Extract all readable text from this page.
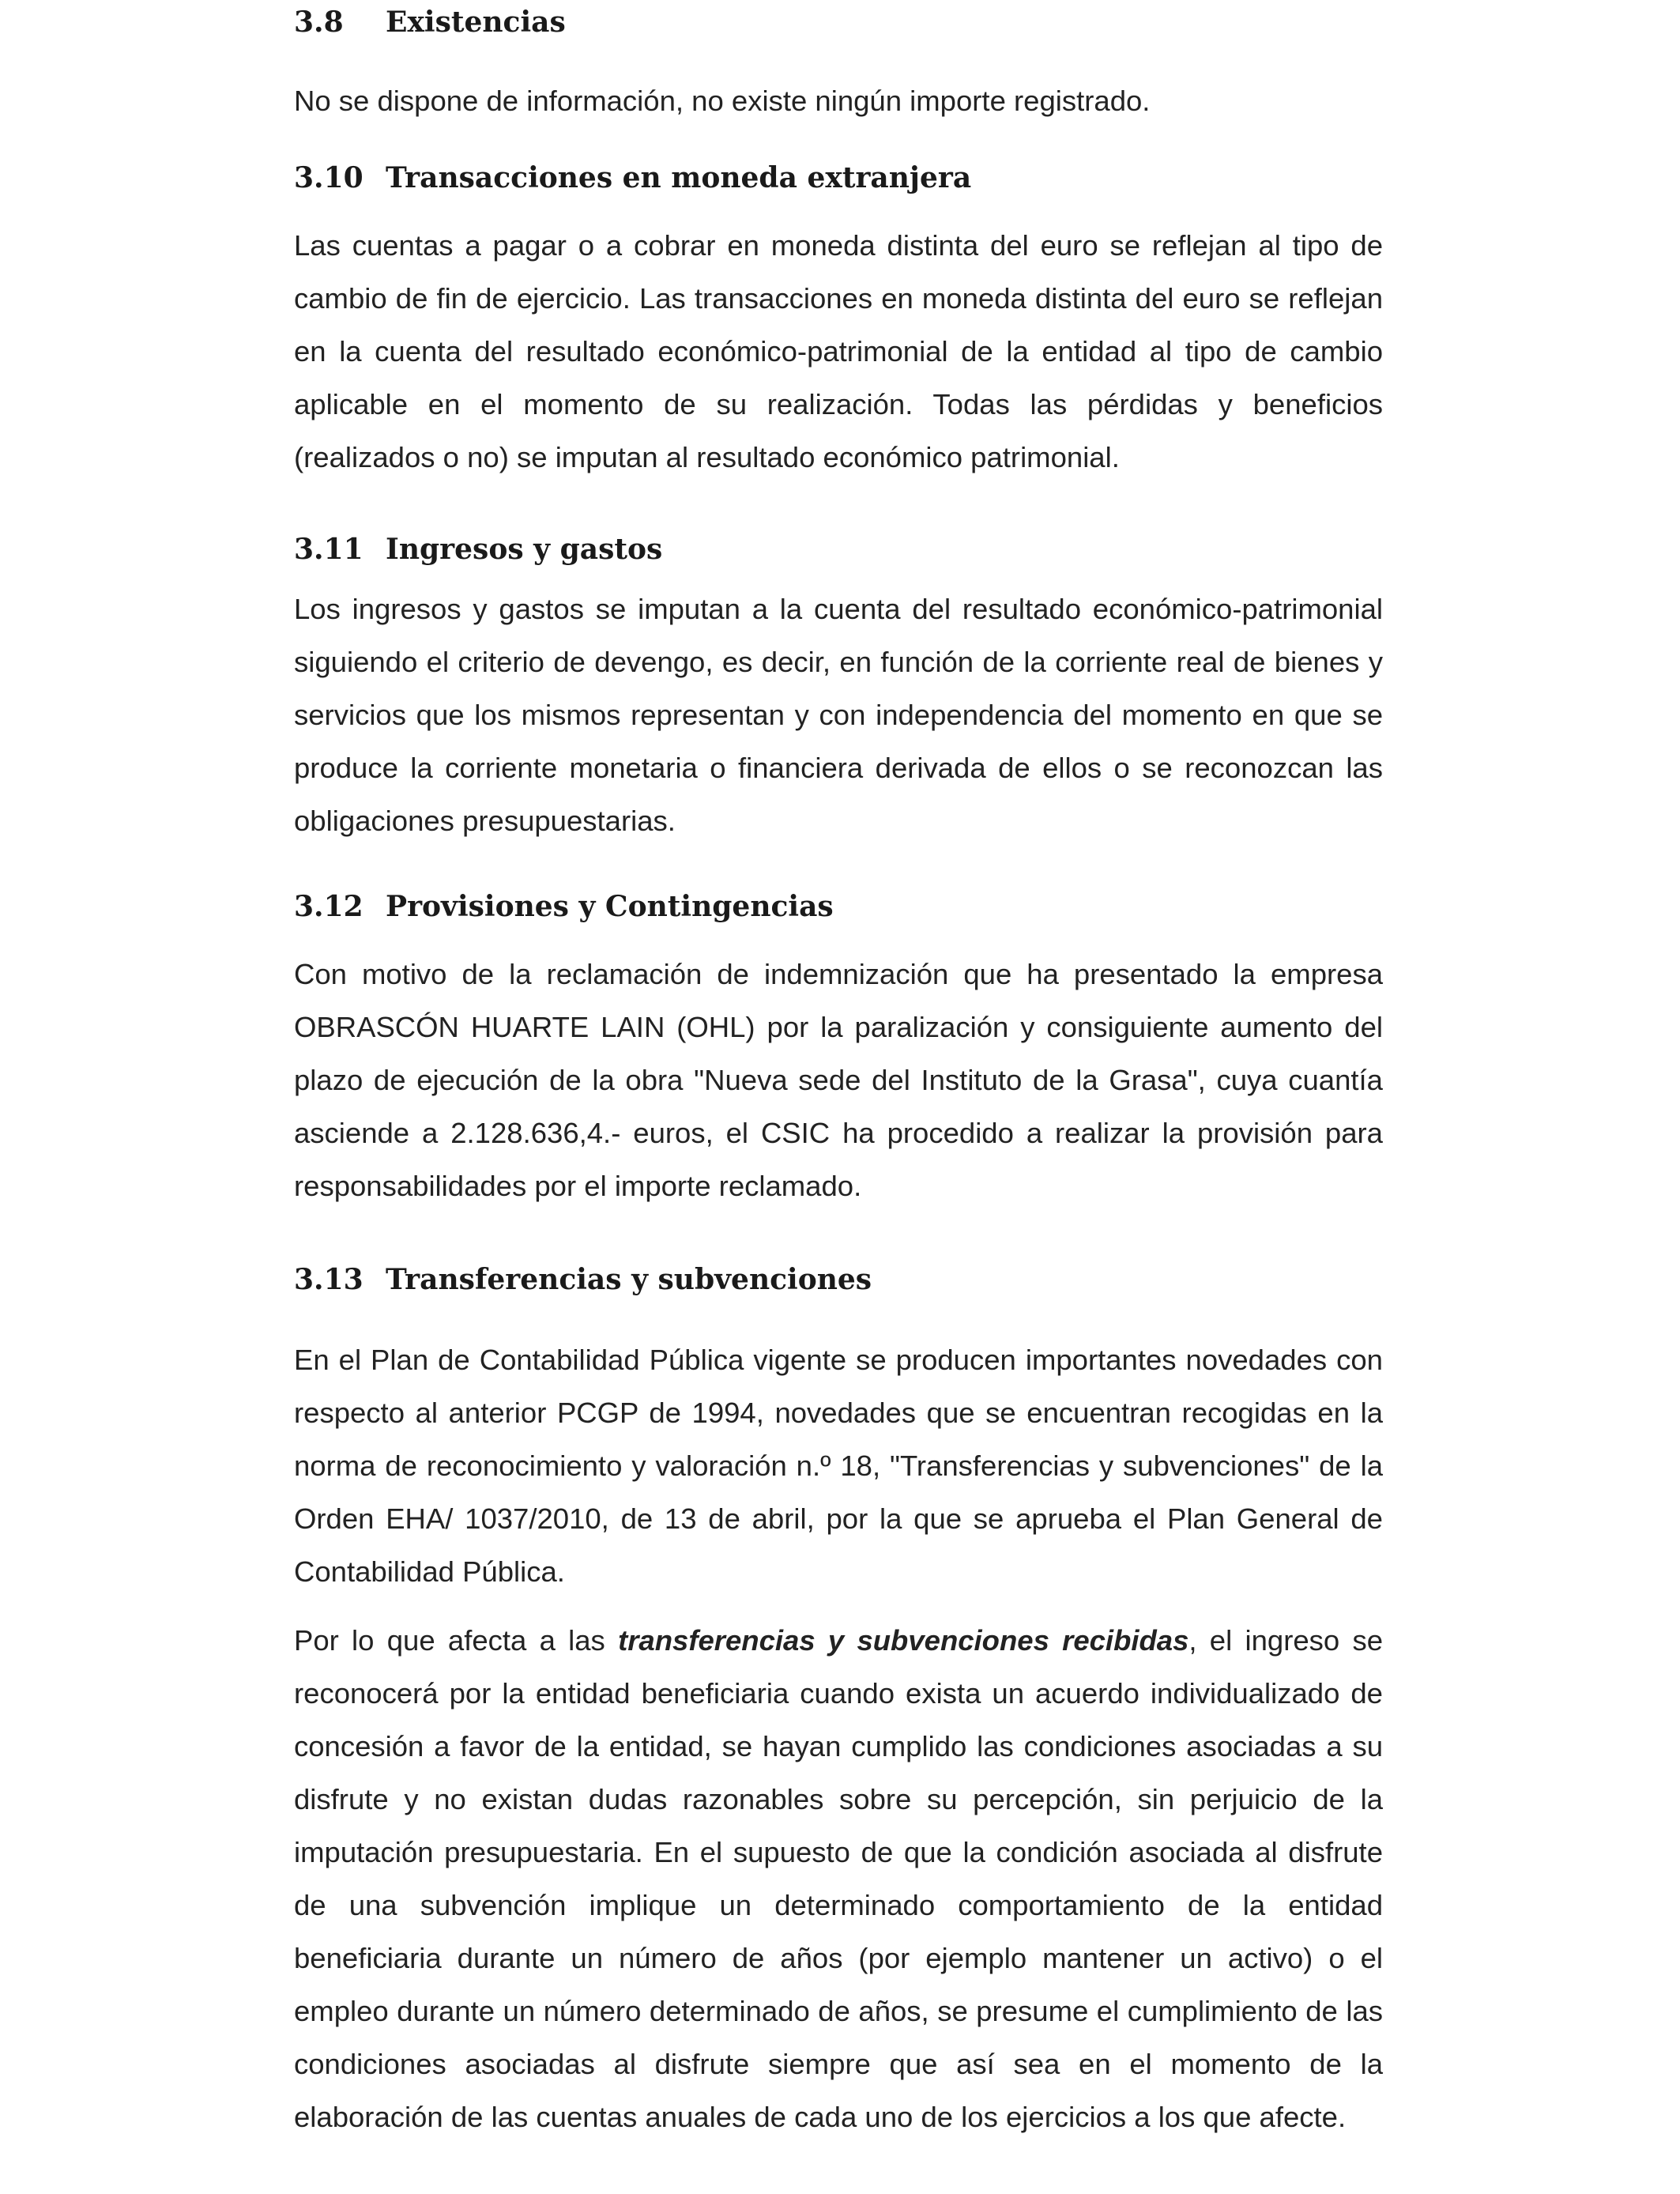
3.8 Existencias

No se dispone de información, no existe ningún importe registrado.

3.10 Transacciones en moneda extranjera

Las cuentas a pagar o a cobrar en moneda distinta del euro se reflejan al tipo de cambio de fin de ejercicio. Las transacciones en moneda distinta del euro se reflejan en la cuenta del resultado económico-patrimonial de la entidad al tipo de cambio aplicable en el momento de su realización. Todas las pérdidas y beneficios (realizados o no) se imputan al resultado económico patrimonial.

3.11 Ingresos y gastos

Los ingresos y gastos se imputan a la cuenta del resultado económico-patrimonial siguiendo el criterio de devengo, es decir, en función de la corriente real de bienes y servicios que los mismos representan y con independencia del momento en que se produce la corriente monetaria o financiera derivada de ellos o se reconozcan las obligaciones presupuestarias.

3.12 Provisiones y Contingencias

Con motivo de la reclamación de indemnización que ha presentado la empresa OBRASCÓN HUARTE LAIN (OHL) por la paralización y consiguiente aumento del plazo de ejecución de la obra "Nueva sede del Instituto de la Grasa", cuya cuantía asciende a 2.128.636,4.- euros, el CSIC ha procedido a realizar la provisión para responsabilidades por el importe reclamado.

3.13 Transferencias y subvenciones

En el Plan de Contabilidad Pública vigente se producen importantes novedades con respecto al anterior PCGP de 1994, novedades que se encuentran recogidas en la norma de reconocimiento y valoración n.º 18, "Transferencias y subvenciones" de la Orden EHA/ 1037/2010, de 13 de abril, por la que se aprueba el Plan General de Contabilidad Pública.

Por lo que afecta a las transferencias y subvenciones recibidas, el ingreso se reconocerá por la entidad beneficiaria cuando exista un acuerdo individualizado de concesión a favor de la entidad, se hayan cumplido las condiciones asociadas a su disfrute y no existan dudas razonables sobre su percepción, sin perjuicio de la imputación presupuestaria. En el supuesto de que la condición asociada al disfrute de una subvención implique un determinado comportamiento de la entidad beneficiaria durante un número de años (por ejemplo mantener un activo) o el empleo durante un número determinado de años, se presume el cumplimiento de las condiciones asociadas al disfrute siempre que así sea en el momento de la elaboración de las cuentas anuales de cada uno de los ejercicios a los que afecte.
